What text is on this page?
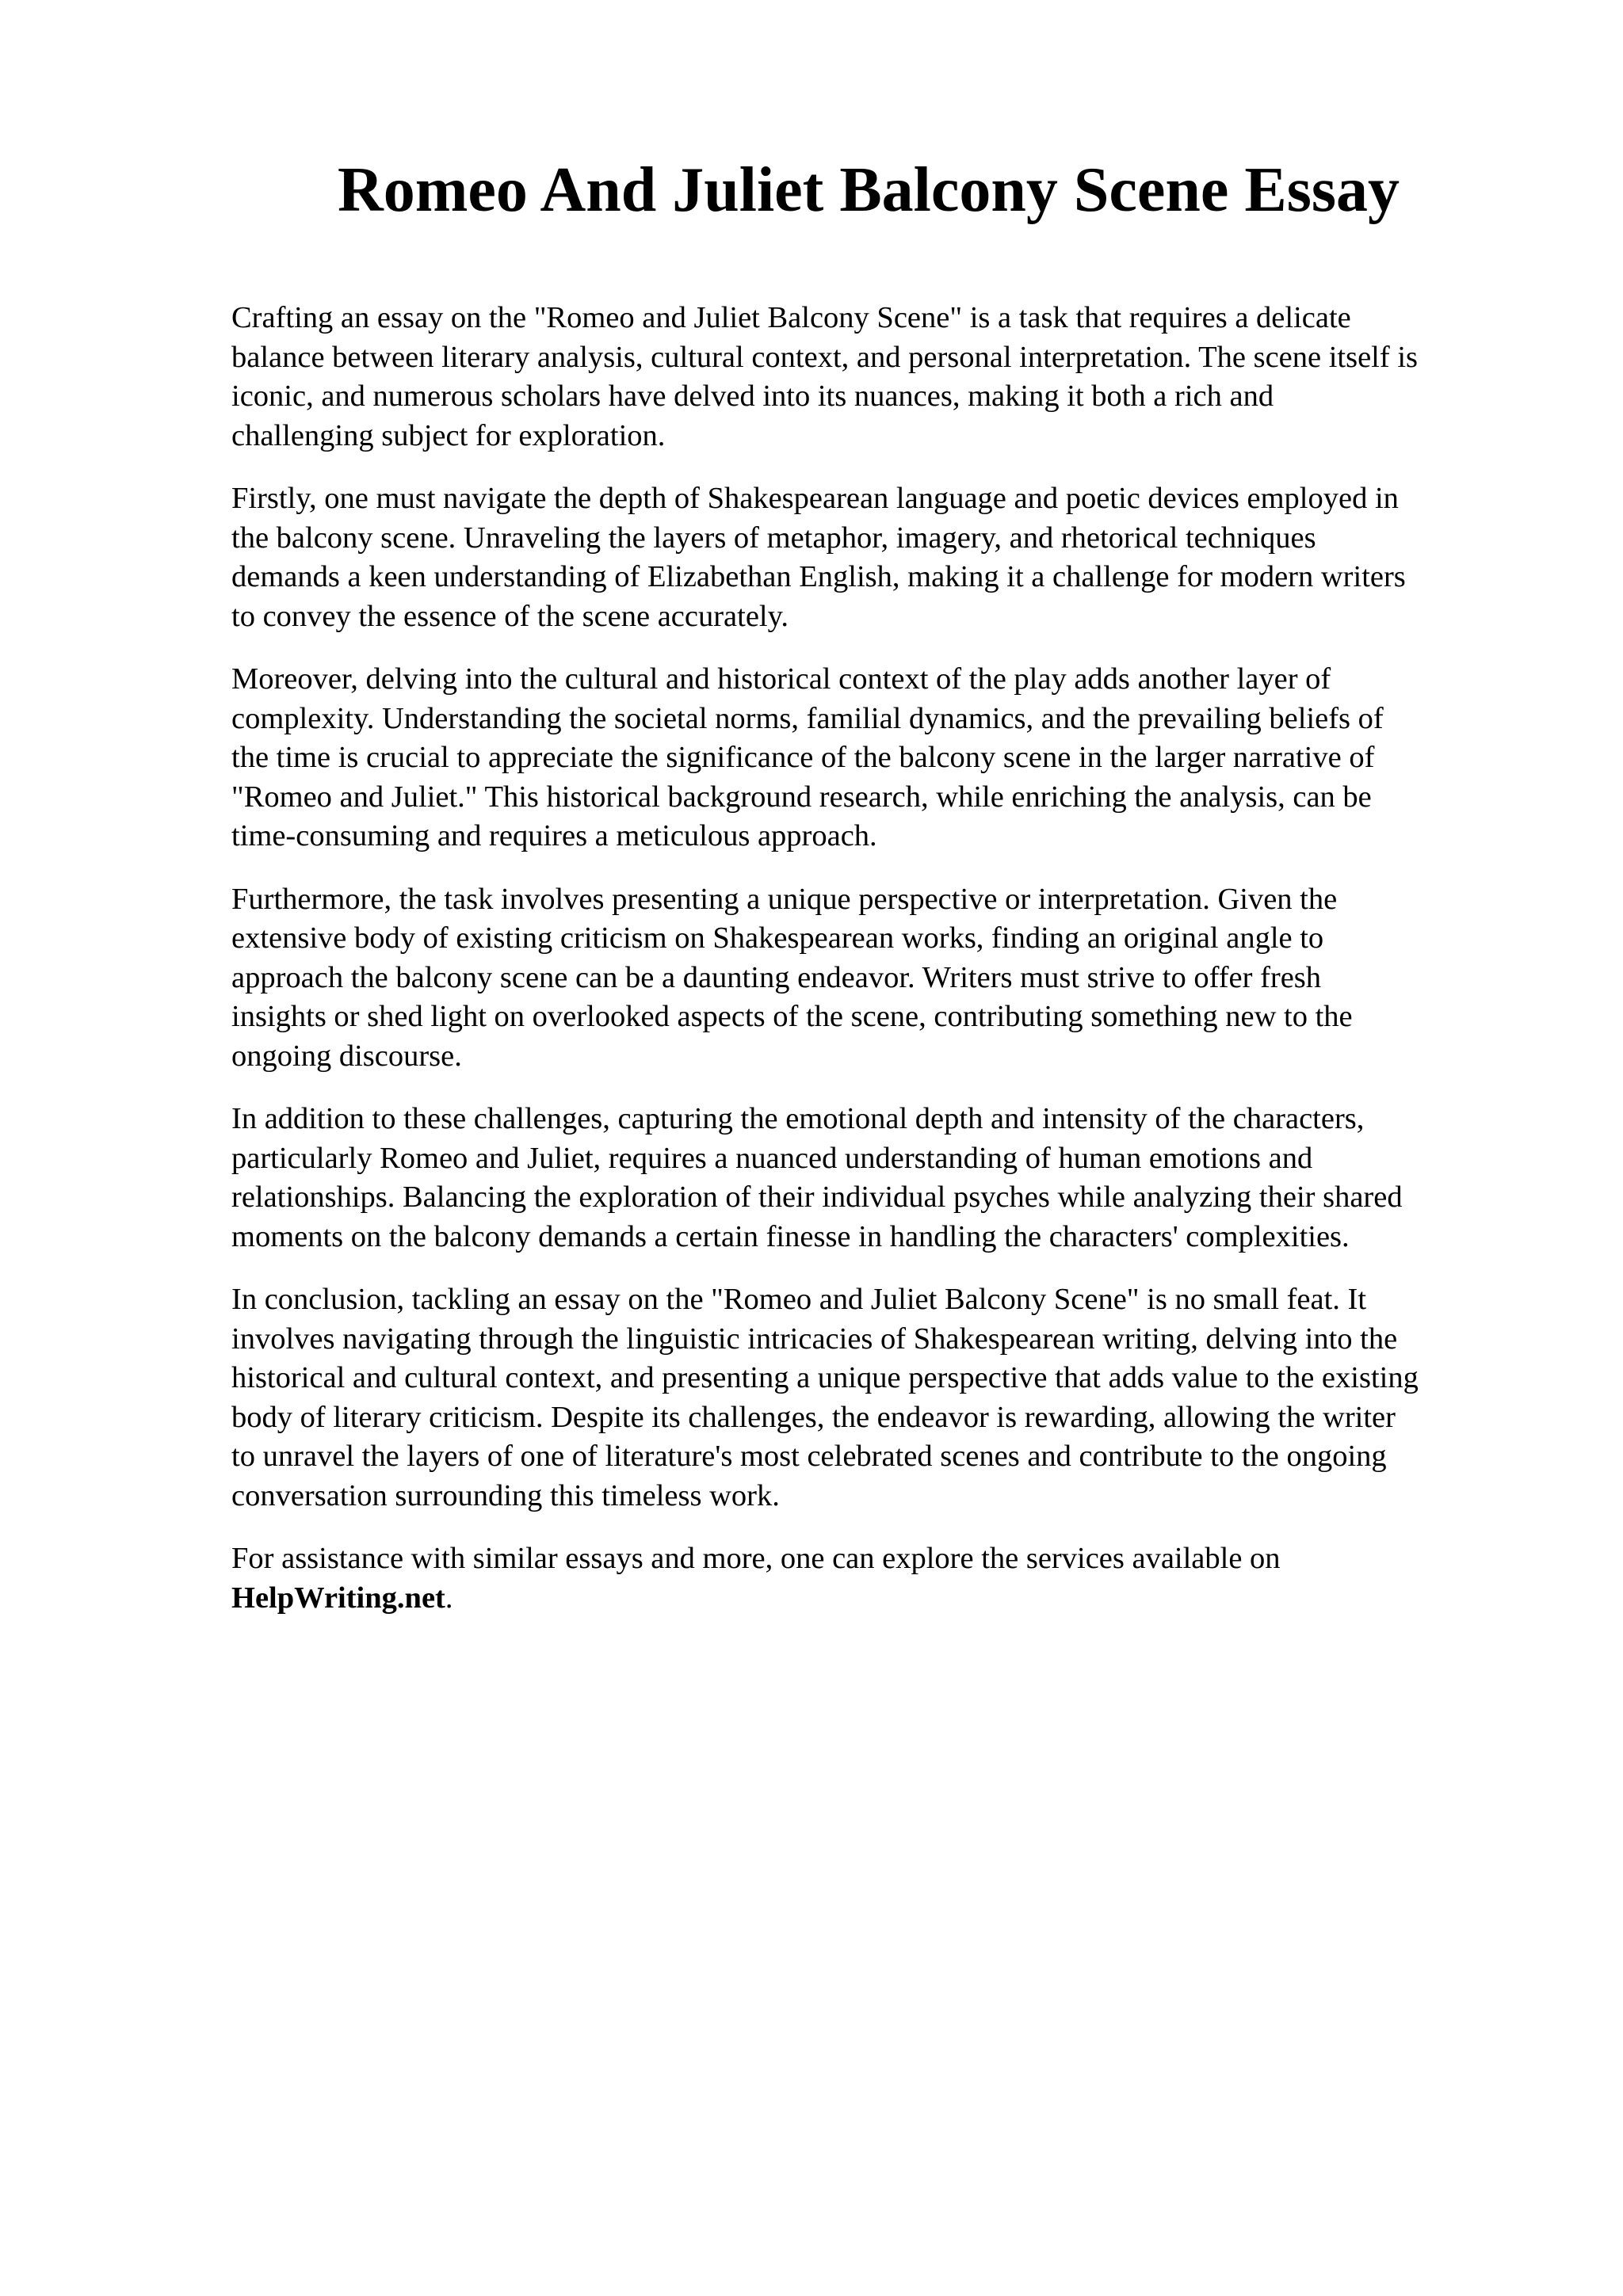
Romeo And Juliet Balcony Scene Essay

Crafting an essay on the "Romeo and Juliet Balcony Scene" is a task that requires a delicate
balance between literary analysis, cultural context, and personal interpretation. The scene itself is
iconic, and numerous scholars have delved into its nuances, making it both a rich and
challenging subject for exploration.

Firstly, one must navigate the depth of Shakespearean language and poetic devices employed in
the balcony scene. Unraveling the layers of metaphor, imagery, and rhetorical techniques
demands a keen understanding of Elizabethan English, making it a challenge for modern writers
to convey the essence of the scene accurately.

Moreover, delving into the cultural and historical context of the play adds another layer of
complexity. Understanding the societal norms, familial dynamics, and the prevailing beliefs of
the time is crucial to appreciate the significance of the balcony scene in the larger narrative of
"Romeo and Juliet." This historical background research, while enriching the analysis, can be
time-consuming and requires a meticulous approach.

Furthermore, the task involves presenting a unique perspective or interpretation. Given the
extensive body of existing criticism on Shakespearean works, finding an original angle to
approach the balcony scene can be a daunting endeavor. Writers must strive to offer fresh
insights or shed light on overlooked aspects of the scene, contributing something new to the
ongoing discourse.

In addition to these challenges, capturing the emotional depth and intensity of the characters,
particularly Romeo and Juliet, requires a nuanced understanding of human emotions and
relationships. Balancing the exploration of their individual psyches while analyzing their shared
moments on the balcony demands a certain finesse in handling the characters' complexities.

In conclusion, tackling an essay on the "Romeo and Juliet Balcony Scene" is no small feat. It
involves navigating through the linguistic intricacies of Shakespearean writing, delving into the
historical and cultural context, and presenting a unique perspective that adds value to the existing
body of literary criticism. Despite its challenges, the endeavor is rewarding, allowing the writer
to unravel the layers of one of literature's most celebrated scenes and contribute to the ongoing
conversation surrounding this timeless work.

For assistance with similar essays and more, one can explore the services available on
HelpWriting.net.
